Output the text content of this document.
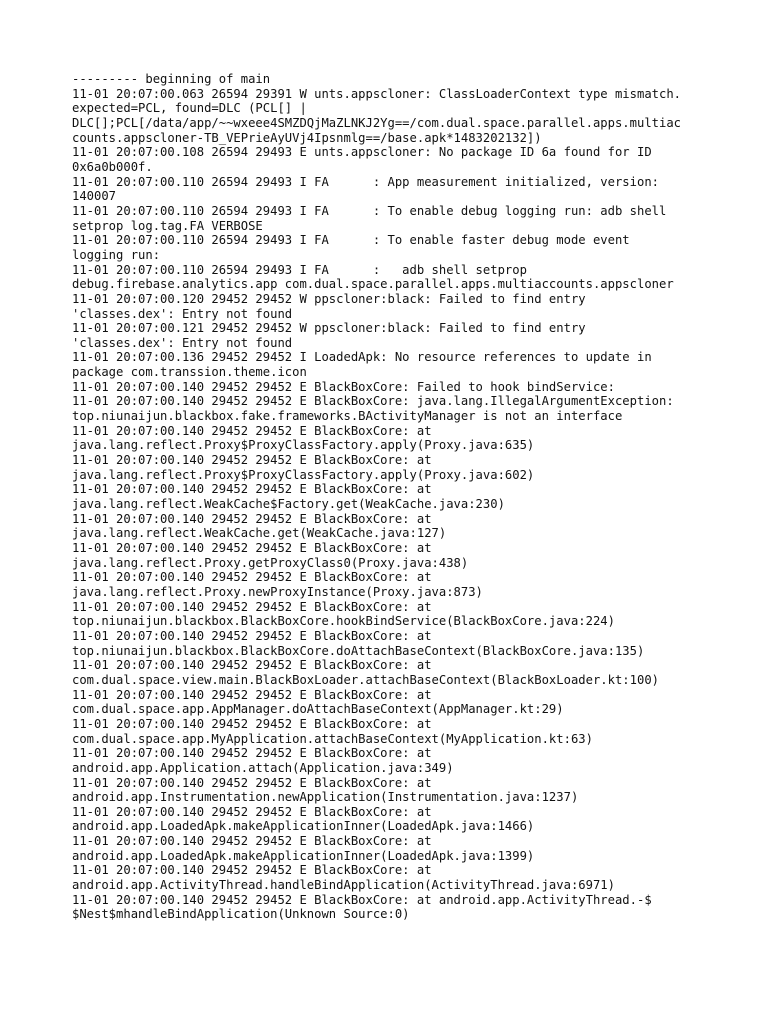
--------- beginning of main
11-01 20:07:00.063 26594 29391 W unts.appscloner: ClassLoaderContext type mismatch.
expected=PCL, found=DLC (PCL[] |
DLC[];PCL[/data/app/~~wxeee4SMZDQjMaZLNKJ2Yg==/com.dual.space.parallel.apps.multiac
counts.appscloner-TB_VEPrieAyUVj4Ipsnmlg==/base.apk*1483202132])
11-01 20:07:00.108 26594 29493 E unts.appscloner: No package ID 6a found for ID
0x6a0b000f.
11-01 20:07:00.110 26594 29493 I FA      : App measurement initialized, version:
140007
11-01 20:07:00.110 26594 29493 I FA      : To enable debug logging run: adb shell
setprop log.tag.FA VERBOSE
11-01 20:07:00.110 26594 29493 I FA      : To enable faster debug mode event
logging run:
11-01 20:07:00.110 26594 29493 I FA      :   adb shell setprop
debug.firebase.analytics.app com.dual.space.parallel.apps.multiaccounts.appscloner
11-01 20:07:00.120 29452 29452 W ppscloner:black: Failed to find entry
'classes.dex': Entry not found
11-01 20:07:00.121 29452 29452 W ppscloner:black: Failed to find entry
'classes.dex': Entry not found
11-01 20:07:00.136 29452 29452 I LoadedApk: No resource references to update in
package com.transsion.theme.icon
11-01 20:07:00.140 29452 29452 E BlackBoxCore: Failed to hook bindService:
11-01 20:07:00.140 29452 29452 E BlackBoxCore: java.lang.IllegalArgumentException:
top.niunaijun.blackbox.fake.frameworks.BActivityManager is not an interface
11-01 20:07:00.140 29452 29452 E BlackBoxCore: at
java.lang.reflect.Proxy$ProxyClassFactory.apply(Proxy.java:635)
11-01 20:07:00.140 29452 29452 E BlackBoxCore: at
java.lang.reflect.Proxy$ProxyClassFactory.apply(Proxy.java:602)
11-01 20:07:00.140 29452 29452 E BlackBoxCore: at
java.lang.reflect.WeakCache$Factory.get(WeakCache.java:230)
11-01 20:07:00.140 29452 29452 E BlackBoxCore: at
java.lang.reflect.WeakCache.get(WeakCache.java:127)
11-01 20:07:00.140 29452 29452 E BlackBoxCore: at
java.lang.reflect.Proxy.getProxyClass0(Proxy.java:438)
11-01 20:07:00.140 29452 29452 E BlackBoxCore: at
java.lang.reflect.Proxy.newProxyInstance(Proxy.java:873)
11-01 20:07:00.140 29452 29452 E BlackBoxCore: at
top.niunaijun.blackbox.BlackBoxCore.hookBindService(BlackBoxCore.java:224)
11-01 20:07:00.140 29452 29452 E BlackBoxCore: at
top.niunaijun.blackbox.BlackBoxCore.doAttachBaseContext(BlackBoxCore.java:135)
11-01 20:07:00.140 29452 29452 E BlackBoxCore: at
com.dual.space.view.main.BlackBoxLoader.attachBaseContext(BlackBoxLoader.kt:100)
11-01 20:07:00.140 29452 29452 E BlackBoxCore: at
com.dual.space.app.AppManager.doAttachBaseContext(AppManager.kt:29)
11-01 20:07:00.140 29452 29452 E BlackBoxCore: at
com.dual.space.app.MyApplication.attachBaseContext(MyApplication.kt:63)
11-01 20:07:00.140 29452 29452 E BlackBoxCore: at
android.app.Application.attach(Application.java:349)
11-01 20:07:00.140 29452 29452 E BlackBoxCore: at
android.app.Instrumentation.newApplication(Instrumentation.java:1237)
11-01 20:07:00.140 29452 29452 E BlackBoxCore: at
android.app.LoadedApk.makeApplicationInner(LoadedApk.java:1466)
11-01 20:07:00.140 29452 29452 E BlackBoxCore: at
android.app.LoadedApk.makeApplicationInner(LoadedApk.java:1399)
11-01 20:07:00.140 29452 29452 E BlackBoxCore: at
android.app.ActivityThread.handleBindApplication(ActivityThread.java:6971)
11-01 20:07:00.140 29452 29452 E BlackBoxCore: at android.app.ActivityThread.-$
$Nest$mhandleBindApplication(Unknown Source:0)
